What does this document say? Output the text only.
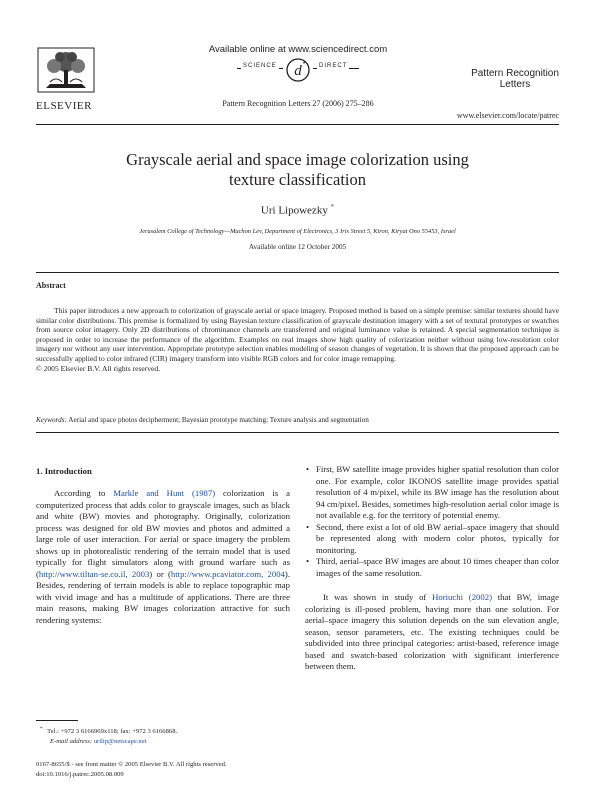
ELSEVIER
Available online at www.sciencedirect.com
d
SCIENCE	DIRECT
•
Pattern Recognition Letters 27 (2006) 275–286
Pattern Recognition
Letters
www.elsevier.com/locate/patrec
Grayscale aerial and space image colorization using
texture classification
Uri Lipowezky *
Jerusalem College of Technology—Machon Lev, Department of Electronics, 3 Iris Street 5, Kiron, Kiryat Ono 55453, Israel
Available online 12 October 2005
Abstract
This paper introduces a new approach to colorization of grayscale aerial or space imagery. Proposed method is based on a simple premise: similar textures should have similar color distributions. This premise is formalized by using Bayesian texture classification of grayscale destination imagery with a set of textural prototypes or swatches from source color imagery. Only 2D distributions of chrominance channels are transferred and original luminance value is retained. A special segmentation technique is proposed in order to increase the performance of the algorithm. Examples on real images show high quality of colorization neither without using low-resolution color imagery nor without any user intervention. Appropriate prototype selection enables modeling of season changes of vegetation. It is shown that the proposed approach can be successfully applied to color infrared (CIR) imagery transform into visible RGB colors and for color image remapping.
© 2005 Elsevier B.V. All rights reserved.
Keywords: Aerial and space photos decipherment; Bayesian prototype matching; Texture analysis and segmentation
1. Introduction

According to Markle and Hunt (1987) colorization is a computerized process that adds color to grayscale images, such as black and white (BW) movies and photography. Originally, colorization process was designed for old BW movies and photos and admitted a large role of user interaction. For aerial or space imagery the problem shows up in photorealistic rendering of the terrain model that is used typically for flight simulators along with ground warfare such as (http://www.tiltan-se.co.il, 2003) or (http://www.pcaviator.com, 2004). Besides, rendering of terrain models is able to replace topographic map with vivid image and has a multitude of applications. There are three main reasons, making BW images colorization attractive for such rendering systems:

* Tel.: +972 3 6166969x118; fax: +972 3 6166868.
E-mail address: urilip@netscape.net
0167-8655/$ - see front matter © 2005 Elsevier B.V. All rights reserved.
doi:10.1016/j.patrec.2005.08.009
• First, BW satellite image provides higher spatial resolution than color one. For example, color IKONOS satellite image provides spatial resolution of 4 m/pixel, while its BW image has the resolution about 94 cm/pixel. Besides, sometimes high-resolution aerial color image is not available e.g. for the territory of potential enemy.
• Second, there exist a lot of old BW aerial–space imagery that should be represented along with modern color photos, typically for monitoring.
• Third, aerial–space BW images are about 10 times cheaper than color images of the same resolution.

It was shown in study of Horiuchi (2002) that BW, image colorizing is ill-posed problem, having more than one solution. For aerial–space imagery this solution depends on the sun elevation angle, season, sensor parameters, etc. The existing techniques could be subdivided into three principal categories: artist-based, reference image based and swatch-based colorization with significant interference between them.
